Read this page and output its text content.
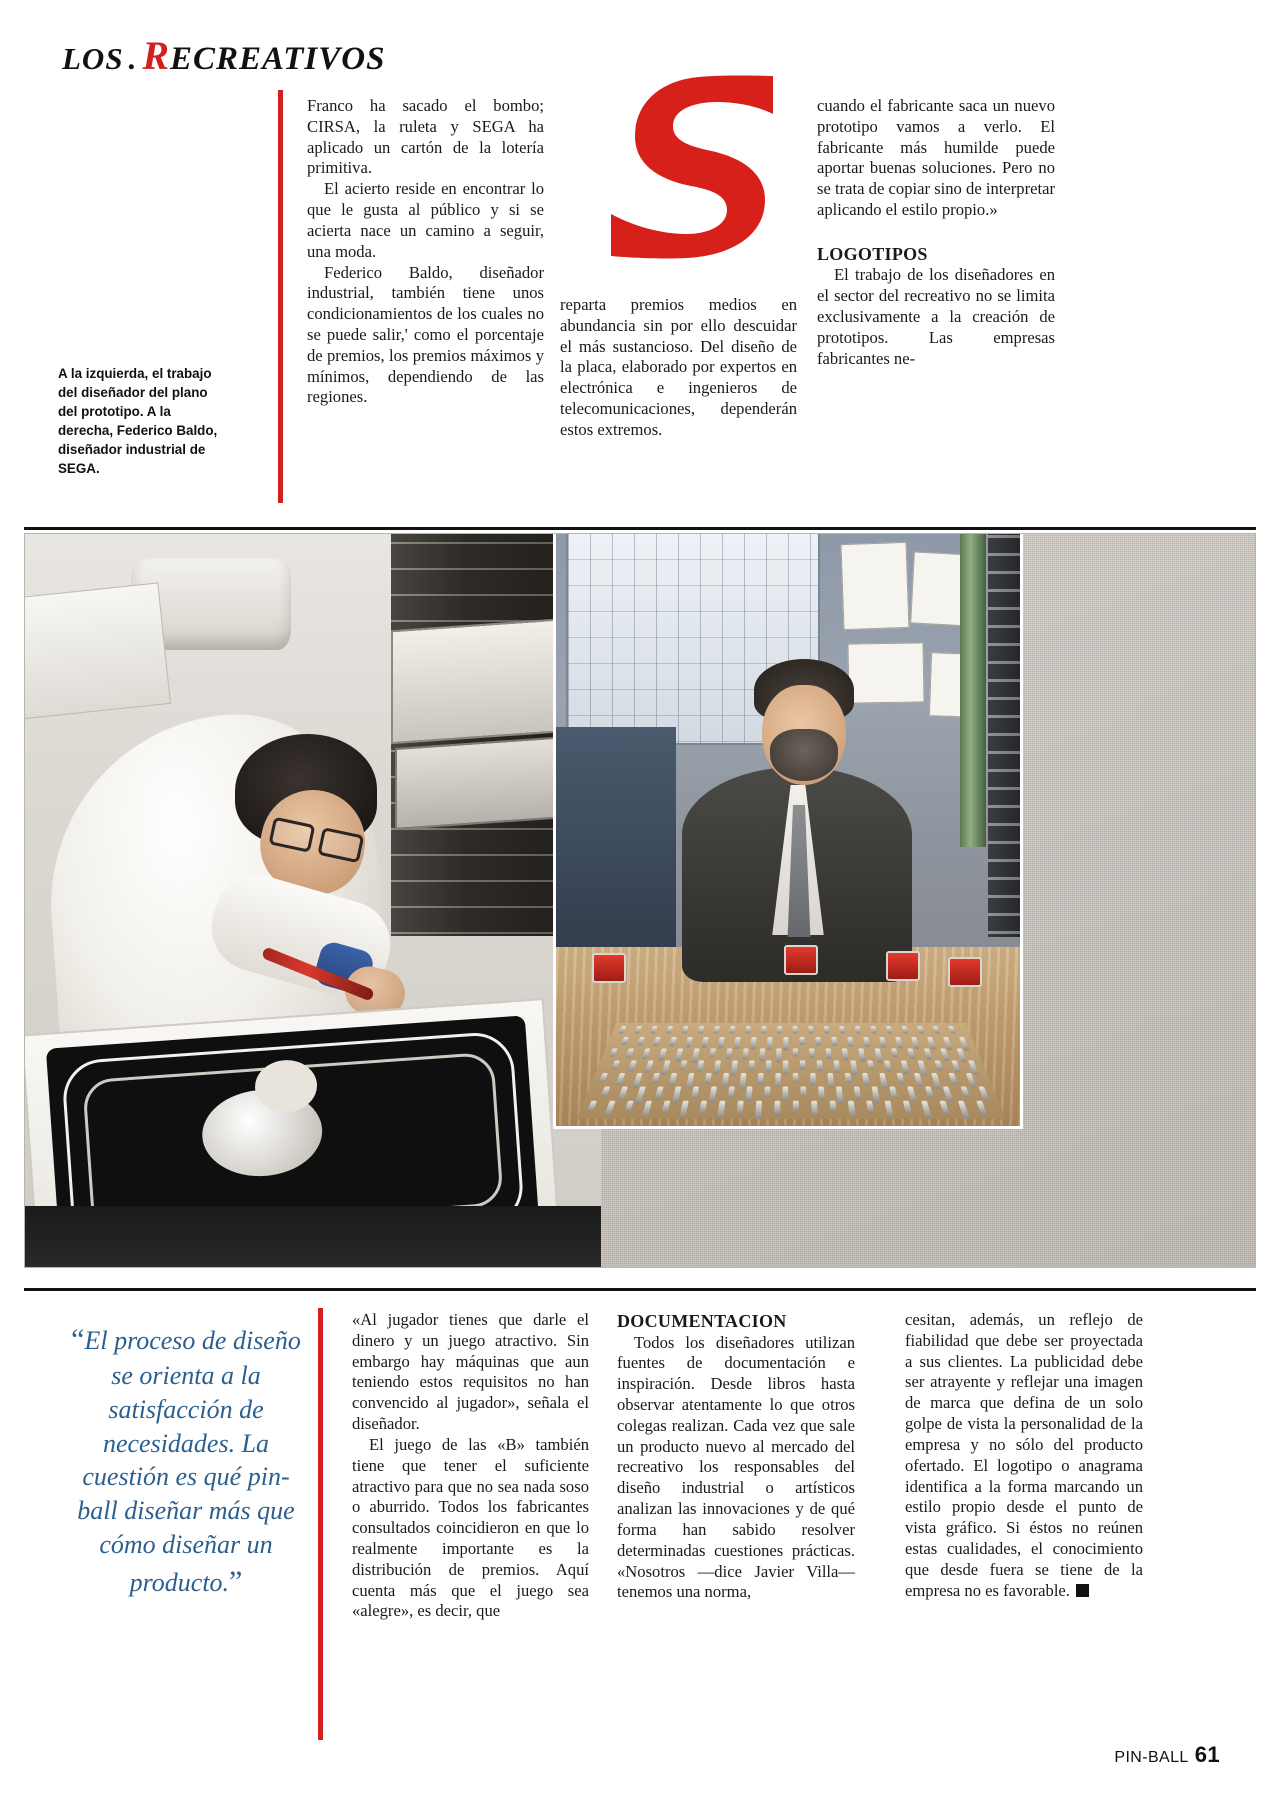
LOS . RECREATIVOS
A la izquierda, el trabajo del diseñador del plano del prototipo. A la derecha, Federico Baldo, diseñador industrial de SEGA.

Franco ha sacado el bombo; CIRSA, la ruleta y SEGA ha aplicado un cartón de la lotería primitiva.

El acierto reside en encontrar lo que le gusta al público y si se acierta nace un camino a seguir, una moda.

Federico Baldo, diseñador industrial, también tiene unos condicionamientos de los cuales no se puede salir,' como el porcentaje de premios, los premios máximos y mínimos, dependiendo de las regiones.

reparta premios medios en abundancia sin por ello descuidar el más sustancioso. Del diseño de la placa, elaborado por expertos en electrónica e ingenieros de telecomunicaciones, dependerán estos extremos.

cuando el fabricante saca un nuevo prototipo vamos a verlo. El fabricante más humilde puede aportar buenas soluciones. Pero no se trata de copiar sino de interpretar aplicando el estilo propio.»

LOGOTIPOS

El trabajo de los diseñadores en el sector del recreativo no se limita exclusivamente a la creación de prototipos. Las empresas fabricantes ne-

“El proceso de diseño se orienta a la satisfacción de necesidades. La cuestión es qué pin-ball diseñar más que cómo diseñar un producto.”

«Al jugador tienes que darle el dinero y un juego atractivo. Sin embargo hay máquinas que aun teniendo estos requisitos no han convencido al jugador», señala el diseñador.

El juego de las «B» también tiene que tener el suficiente atractivo para que no sea nada soso o aburrido. Todos los fabricantes consultados coincidieron en que lo realmente importante es la distribución de premios. Aquí cuenta más que el juego sea «alegre», es decir, que

DOCUMENTACION

Todos los diseñadores utilizan fuentes de documentación e inspiración. Desde libros hasta observar atentamente lo que otros colegas realizan. Cada vez que sale un producto nuevo al mercado del recreativo los responsables del diseño industrial o artísticos analizan las innovaciones y de qué forma han sabido resolver determinadas cuestiones prácticas. «Nosotros —dice Javier Villa— tenemos una norma,

cesitan, además, un reflejo de fiabilidad que debe ser proyectada a sus clientes. La publicidad debe ser atrayente y reflejar una imagen de marca que defina de un solo golpe de vista la personalidad de la empresa y no sólo del producto ofertado. El logotipo o anagrama identifica a la forma marcando un estilo propio desde el punto de vista gráfico. Si éstos no reúnen estas cualidades, el conocimiento que desde fuera se tiene de la empresa no es favorable.

PIN-BALL 61
